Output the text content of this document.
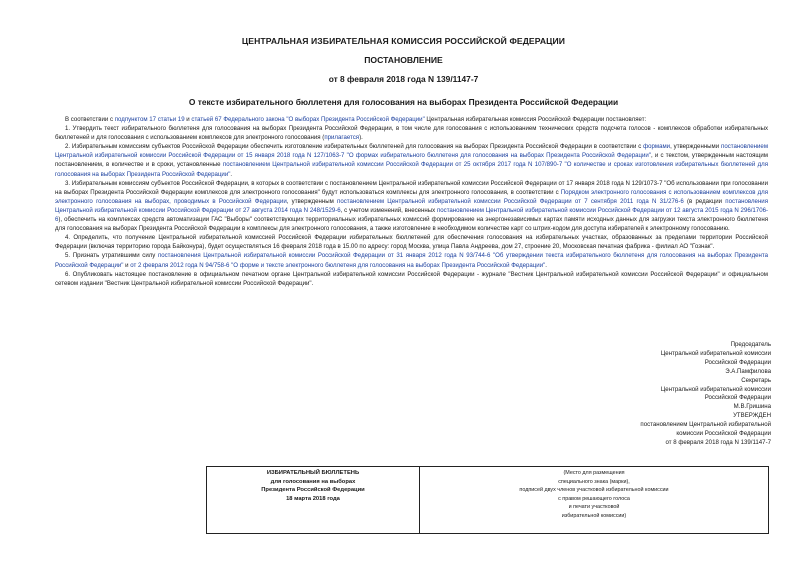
ЦЕНТРАЛЬНАЯ ИЗБИРАТЕЛЬНАЯ КОМИССИЯ РОССИЙСКОЙ ФЕДЕРАЦИИ
ПОСТАНОВЛЕНИЕ
от 8 февраля 2018 года N 139/1147-7
О тексте избирательного бюллетеня для голосования на выборах Президента Российской Федерации

В соответствии с подпунктом 17 статьи 19 и статьей 67 Федерального закона "О выборах Президента Российской Федерации" Центральная избирательная комиссия Российской Федерации постановляет:

1. Утвердить текст избирательного бюллетеня для голосования на выборах Президента Российской Федерации, в том числе для голосования с использованием технических средств подсчета голосов - комплексов обработки избирательных бюллетеней и для голосования с использованием комплексов для электронного голосования (прилагается).

2. Избирательным комиссиям субъектов Российской Федерации обеспечить изготовление избирательных бюллетеней для голосования на выборах Президента Российской Федерации в соответствии с формами, утвержденными постановлением Центральной избирательной комиссии Российской Федерации от 15 января 2018 года N 127/1063-7 "О формах избирательного бюллетеня для голосования на выборах Президента Российской Федерации", и с текстом, утвержденным настоящим постановлением, в количестве и в сроки, установленные постановлением Центральной избирательной комиссии Российской Федерации от 25 октября 2017 года N 107/890-7 "О количестве и сроках изготовления избирательных бюллетеней для голосования на выборах Президента Российской Федерации".

3. Избирательным комиссиям субъектов Российской Федерации, в которых в соответствии с постановлением Центральной избирательной комиссии Российской Федерации от 17 января 2018 года N 129/1073-7 "Об использовании при голосовании на выборах Президента Российской Федерации комплексов для электронного голосования" будут использоваться комплексы для электронного голосования, в соответствии с Порядком электронного голосования с использованием комплексов для электронного голосования на выборах, проводимых в Российской Федерации, утвержденным постановлением Центральной избирательной комиссии Российской Федерации от 7 сентября 2011 года N 31/276-6 (в редакции постановления Центральной избирательной комиссии Российской Федерации от 27 августа 2014 года N 248/1529-6, с учетом изменений, внесенных постановлением Центральной избирательной комиссии Российской Федерации от 12 августа 2015 года N 296/1706-6), обеспечить на комплексах средств автоматизации ГАС "Выборы" соответствующих территориальных избирательных комиссий формирование на энергонезависимых картах памяти исходных данных для загрузки текста электронного бюллетеня для голосования на выборах Президента Российской Федерации в комплексы для электронного голосования, а также изготовление в необходимом количестве карт со штрих-кодом для доступа избирателей к электронному голосованию.

4. Определить, что получение Центральной избирательной комиссией Российской Федерации избирательных бюллетеней для обеспечения голосования на избирательных участках, образованных за пределами территории Российской Федерации (включая территорию города Байконура), будет осуществляться 16 февраля 2018 года в 15.00 по адресу: город Москва, улица Павла Андреева, дом 27, строение 20, Московская печатная фабрика - филиал АО "Гознак".

5. Признать утратившими силу постановления Центральной избирательной комиссии Российской Федерации от 31 января 2012 года N 93/744-6 "Об утверждении текста избирательного бюллетеня для голосования на выборах Президента Российской Федерации" и от 2 февраля 2012 года N 94/758-6 "О форме и тексте электронного бюллетеня для голосования на выборах Президента Российской Федерации".

6. Опубликовать настоящее постановление в официальном печатном органе Центральной избирательной комиссии Российской Федерации - журнале "Вестник Центральной избирательной комиссии Российской Федерации" и официальном сетевом издании "Вестник Центральной избирательной комиссии Российской Федерации".

Председатель
Центральной избирательной комиссии
Российской Федерации
Э.А.Памфилова
Секретарь
Центральной избирательной комиссии
Российской Федерации
М.В.Гришина
УТВЕРЖДЕН
постановлением Центральной избирательной
комиссии Российской Федерации
от 8 февраля 2018 года N 139/1147-7
ИЗБИРАТЕЛЬНЫЙ БЮЛЛЕТЕНЬ
для голосования на выборах
Президента Российской Федерации
18 марта 2018 года
(Место для размещения
специального знака (марки),
подписей двух членов участковой избирательной комиссии
с правом решающего голоса
и печати участковой
избирательной комиссии)
